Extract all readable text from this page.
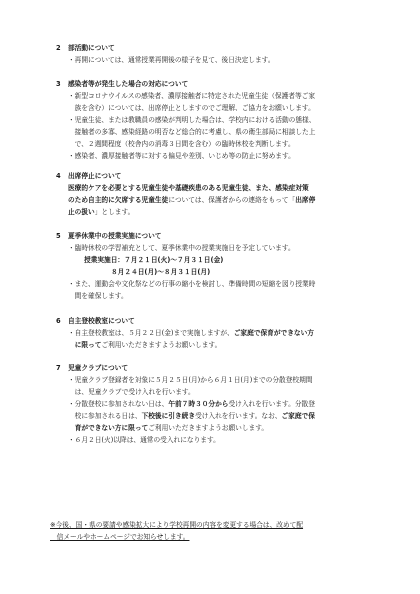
2 部活動について
・再開については、通常授業再開後の様子を見て、後日決定します。
3 感染者等が発生した場合の対応について
・新型コロナウイルスの感染者、濃厚接触者に特定された児童生徒（保護者等ご家
　族を含む）については、出席停止としますのでご理解、ご協力をお願いします。
・児童生徒、または教職員の感染が判明した場合は、学校内における活動の態様、
　接触者の多寡、感染経路の明否など総合的に考慮し、県の衛生部局に相談した上
　で、２週間程度（校舎内の消毒３日間を含む）の臨時休校を判断します。
・感染者、濃厚接触者等に対する偏見や差別、いじめ等の防止に努めます。
4 出席停止について
医療的ケアを必要とする児童生徒や基礎疾患のある児童生徒、また、感染症対策
のため自主的に欠席する児童生徒については、保護者からの連絡をもって「出席停
止の扱い」とします。
5 夏季休業中の授業実施について
・臨時休校の学習補充として、夏季休業中の授業実施日を予定しています。
授業実施日：７月２１日(火)～７月３１日(金)
８月２４日(月)～８月３１日(月)
・また、運動会や文化祭などの行事の縮小を検討し、準備時間の短縮を図り授業時
　間を確保します。
6 自主登校教室について
・自主登校教室は、５月２２日(金)まで実施しますが、ご家庭で保育ができない方
　に限ってご利用いただきますようお願いします。
7 児童クラブについて
・児童クラブ登録者を対象に５月２５日(月)から６月１日(月)までの分散登校期間
　は、児童クラブで受け入れを行います。
・分散登校に参加されない日は、午前７時３０分から受け入れを行います。分散登
　校に参加される日は、下校後に引き続き受け入れを行います。なお、ご家庭で保
　育ができない方に限ってご利用いただきますようお願いします。
・６月２日(火)以降は、通常の受入れになります。
※今後、国・県の要請や感染拡大により学校再開の内容を変更する場合は、改めて配
　信メールやホームページでお知らせします。
